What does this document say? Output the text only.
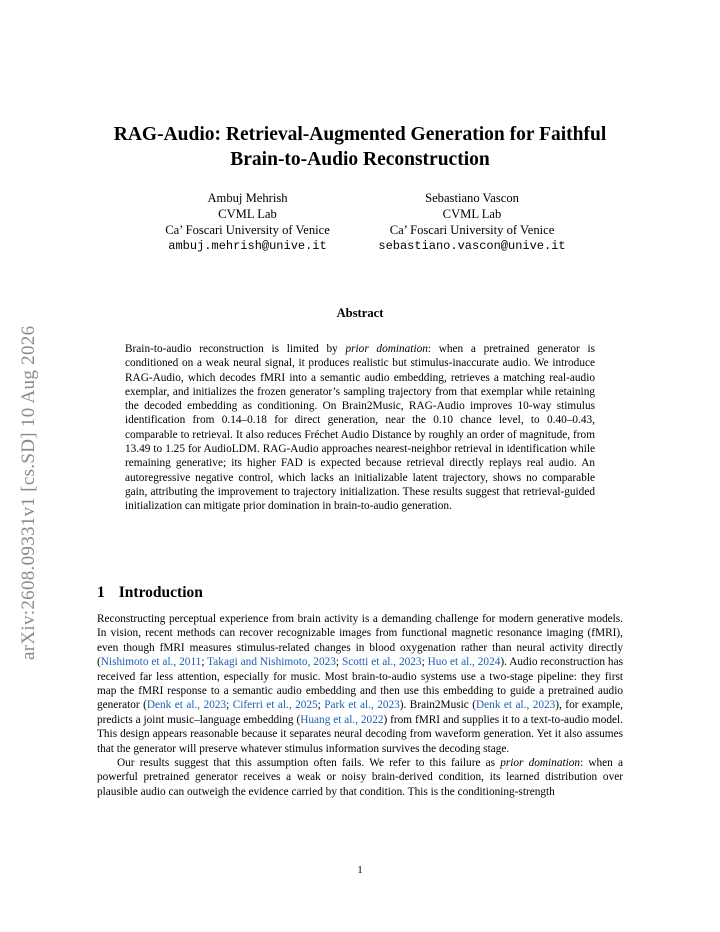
arXiv:2608.09331v1 [cs.SD] 10 Aug 2026
RAG-Audio: Retrieval-Augmented Generation for Faithful
Brain-to-Audio Reconstruction
Ambuj Mehrish
CVML Lab
Ca’ Foscari University of Venice
ambuj.mehrish@unive.it
Sebastiano Vascon
CVML Lab
Ca’ Foscari University of Venice
sebastiano.vascon@unive.it
Abstract
Brain-to-audio reconstruction is limited by prior domination: when a pretrained generator is conditioned on a weak neural signal, it produces realistic but stimulus-inaccurate audio. We introduce RAG-Audio, which decodes fMRI into a semantic audio embedding, retrieves a matching real-audio exemplar, and initializes the frozen generator’s sampling trajectory from that exemplar while retaining the decoded embedding as conditioning. On Brain2Music, RAG-Audio improves 10-way stimulus identification from 0.14–0.18 for direct generation, near the 0.10 chance level, to 0.40–0.43, comparable to retrieval. It also reduces Fréchet Audio Distance by roughly an order of magnitude, from 13.49 to 1.25 for AudioLDM. RAG-Audio approaches nearest-neighbor retrieval in identification while remaining generative; its higher FAD is expected because retrieval directly replays real audio. An autoregressive negative control, which lacks an initializable latent trajectory, shows no comparable gain, attributing the improvement to trajectory initialization. These results suggest that retrieval-guided initialization can mitigate prior domination in brain-to-audio generation.
1 Introduction

Reconstructing perceptual experience from brain activity is a demanding challenge for modern generative models. In vision, recent methods can recover recognizable images from functional magnetic resonance imaging (fMRI), even though fMRI measures stimulus-related changes in blood oxygenation rather than neural activity directly (Nishimoto et al., 2011; Takagi and Nishimoto, 2023; Scotti et al., 2023; Huo et al., 2024). Audio reconstruction has received far less attention, especially for music. Most brain-to-audio systems use a two-stage pipeline: they first map the fMRI response to a semantic audio embedding and then use this embedding to guide a pretrained audio generator (Denk et al., 2023; Ciferri et al., 2025; Park et al., 2023). Brain2Music (Denk et al., 2023), for example, predicts a joint music–language embedding (Huang et al., 2022) from fMRI and supplies it to a text-to-audio model. This design appears reasonable because it separates neural decoding from waveform generation. Yet it also assumes that the generator will preserve whatever stimulus information survives the decoding stage.

Our results suggest that this assumption often fails. We refer to this failure as prior domination: when a powerful pretrained generator receives a weak or noisy brain-derived condition, its learned distribution over plausible audio can outweigh the evidence carried by that condition. This is the conditioning-strength

1
